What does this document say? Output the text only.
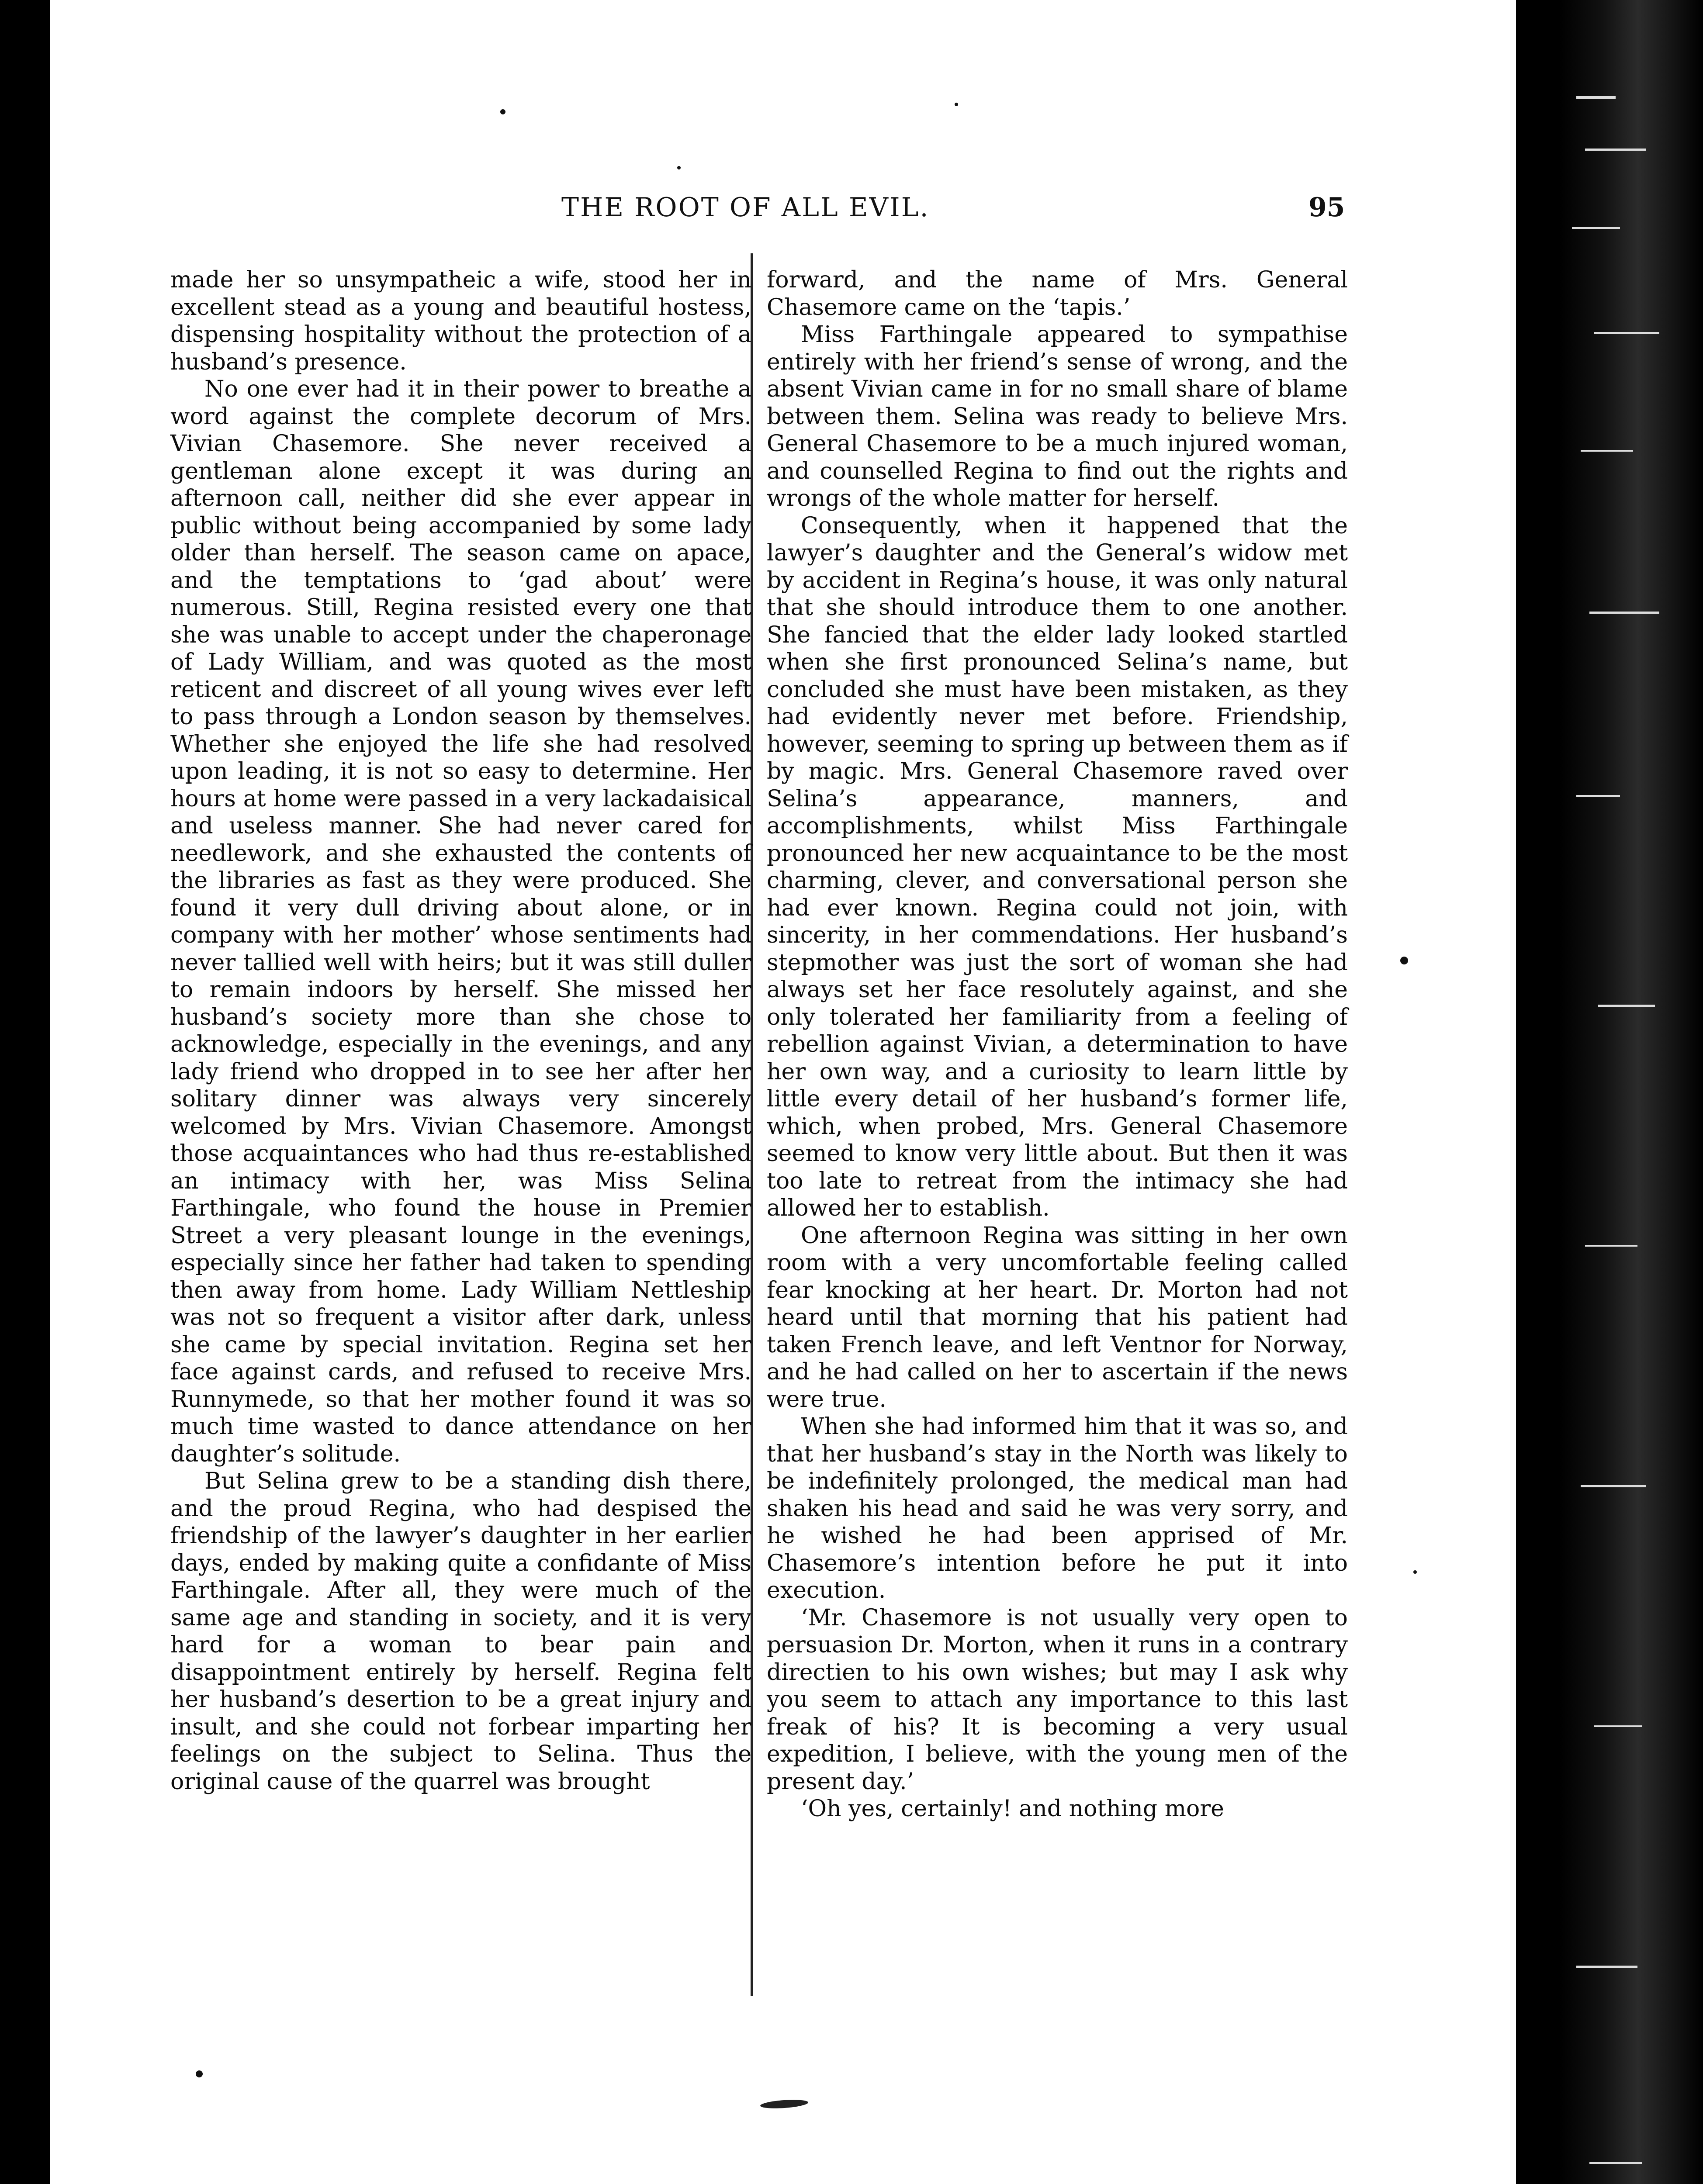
THE ROOT OF ALL EVIL.	95

made her so unsympatheic a wife, stood her in excellent stead as a young and beautiful hostess, dispensing hospitality without the protection of a husband’s presence.

No one ever had it in their power to breathe a word against the complete decorum of Mrs. Vivian Chasemore. She never received a gentleman alone except it was during an afternoon call, neither did she ever appear in public without being accompanied by some lady older than herself. The season came on apace, and the temptations to ‘gad about’ were numerous. Still, Regina resisted every one that she was unable to accept under the chaperonage of Lady William, and was quoted as the most reticent and discreet of all young wives ever left to pass through a London season by themselves. Whether she enjoyed the life she had resolved upon leading, it is not so easy to determine. Her hours at home were passed in a very lackadaisical and useless manner. She had never cared for needlework, and she exhausted the contents of the libraries as fast as they were produced. She found it very dull driving about alone, or in company with her mother’ whose sentiments had never tallied well with heirs; but it was still duller to remain indoors by herself. She missed her husband’s society more than she chose to acknowledge, especially in the evenings, and any lady friend who dropped in to see her after her solitary dinner was always very sincerely welcomed by Mrs. Vivian Chasemore. Amongst those acquaintances who had thus re-established an intimacy with her, was Miss Selina Farthingale, who found the house in Premier Street a very pleasant lounge in the evenings, especially since her father had taken to spending then away from home. Lady William Nettleship was not so frequent a visitor after dark, unless she came by special invitation. Regina set her face against cards, and refused to receive Mrs. Runnymede, so that her mother found it was so much time wasted to dance attendance on her daughter’s solitude.

But Selina grew to be a standing dish there, and the proud Regina, who had despised the friendship of the lawyer’s daughter in her earlier days, ended by making quite a confidante of Miss Farthingale. After all, they were much of the same age and standing in society, and it is very hard for a woman to bear pain and disappointment entirely by herself. Regina felt her husband’s desertion to be a great injury and insult, and she could not forbear imparting her feelings on the subject to Selina. Thus the original cause of the quarrel was brought

forward, and the name of Mrs. General Chasemore came on the ‘tapis.’

Miss Farthingale appeared to sympathise entirely with her friend’s sense of wrong, and the absent Vivian came in for no small share of blame between them. Selina was ready to believe Mrs. General Chasemore to be a much injured woman, and counselled Regina to find out the rights and wrongs of the whole matter for herself.

Consequently, when it happened that the lawyer’s daughter and the General’s widow met by accident in Regina’s house, it was only natural that she should introduce them to one another. She fancied that the elder lady looked startled when she first pronounced Selina’s name, but concluded she must have been mistaken, as they had evidently never met before. Friendship, however, seeming to spring up between them as if by magic. Mrs. General Chasemore raved over Selina’s appearance, manners, and accomplishments, whilst Miss Farthingale pronounced her new acquaintance to be the most charming, clever, and conversational person she had ever known. Regina could not join, with sincerity, in her commendations. Her husband’s stepmother was just the sort of woman she had always set her face resolutely against, and she only tolerated her familiarity from a feeling of rebellion against Vivian, a determination to have her own way, and a curiosity to learn little by little every detail of her husband’s former life, which, when probed, Mrs. General Chasemore seemed to know very little about. But then it was too late to retreat from the intimacy she had allowed her to establish.

One afternoon Regina was sitting in her own room with a very uncomfortable feeling called fear knocking at her heart. Dr. Morton had not heard until that morning that his patient had taken French leave, and left Ventnor for Norway, and he had called on her to ascertain if the news were true.

When she had informed him that it was so, and that her husband’s stay in the North was likely to be indefinitely prolonged, the medical man had shaken his head and said he was very sorry, and he wished he had been apprised of Mr. Chasemore’s intention before he put it into execution.

‘Mr. Chasemore is not usually very open to persuasion Dr. Morton, when it runs in a contrary directien to his own wishes; but may I ask why you seem to attach any importance to this last freak of his? It is becoming a very usual expedition, I believe, with the young men of the present day.’

‘Oh yes, certainly! and nothing more
